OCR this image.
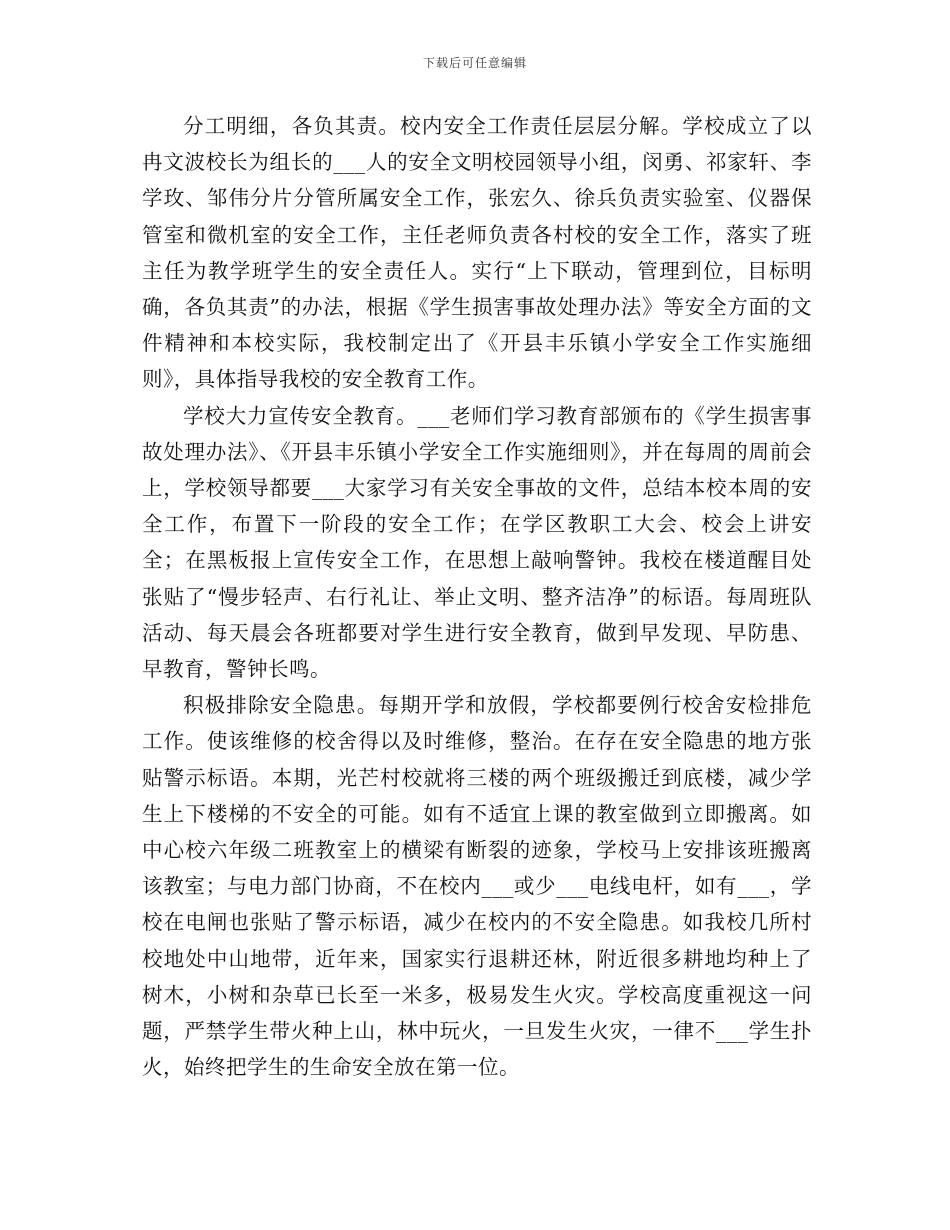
下载后可任意编辑

分工明细，各负其责。校内安全工作责任层层分解。学校成立了以冉文波校长为组长的___人的安全文明校园领导小组，闵勇、祁家轩、李学玫、邹伟分片分管所属安全工作，张宏久、徐兵负责实验室、仪器保管室和微机室的安全工作，主任老师负责各村校的安全工作，落实了班主任为教学班学生的安全责任人。实行“上下联动，管理到位，目标明确，各负其责”的办法，根据《学生损害事故处理办法》等安全方面的文件精神和本校实际，我校制定出了《开县丰乐镇小学安全工作实施细则》，具体指导我校的安全教育工作。

学校大力宣传安全教育。___老师们学习教育部颁布的《学生损害事故处理办法》、《开县丰乐镇小学安全工作实施细则》，并在每周的周前会上，学校领导都要___大家学习有关安全事故的文件，总结本校本周的安全工作，布置下一阶段的安全工作；在学区教职工大会、校会上讲安全；在黑板报上宣传安全工作，在思想上敲响警钟。我校在楼道醒目处张贴了“慢步轻声、右行礼让、举止文明、整齐洁净”的标语。每周班队活动、每天晨会各班都要对学生进行安全教育，做到早发现、早防患、早教育，警钟长鸣。

积极排除安全隐患。每期开学和放假，学校都要例行校舍安检排危工作。使该维修的校舍得以及时维修，整治。在存在安全隐患的地方张贴警示标语。本期，光芒村校就将三楼的两个班级搬迁到底楼，减少学生上下楼梯的不安全的可能。如有不适宜上课的教室做到立即搬离。如中心校六年级二班教室上的横梁有断裂的迹象，学校马上安排该班搬离该教室；与电力部门协商，不在校内___或少___电线电杆，如有___，学校在电闸也张贴了警示标语，减少在校内的不安全隐患。如我校几所村校地处中山地带，近年来，国家实行退耕还林，附近很多耕地均种上了树木，小树和杂草已长至一米多，极易发生火灾。学校高度重视这一问题，严禁学生带火种上山，林中玩火，一旦发生火灾，一律不___学生扑火，始终把学生的生命安全放在第一位。
